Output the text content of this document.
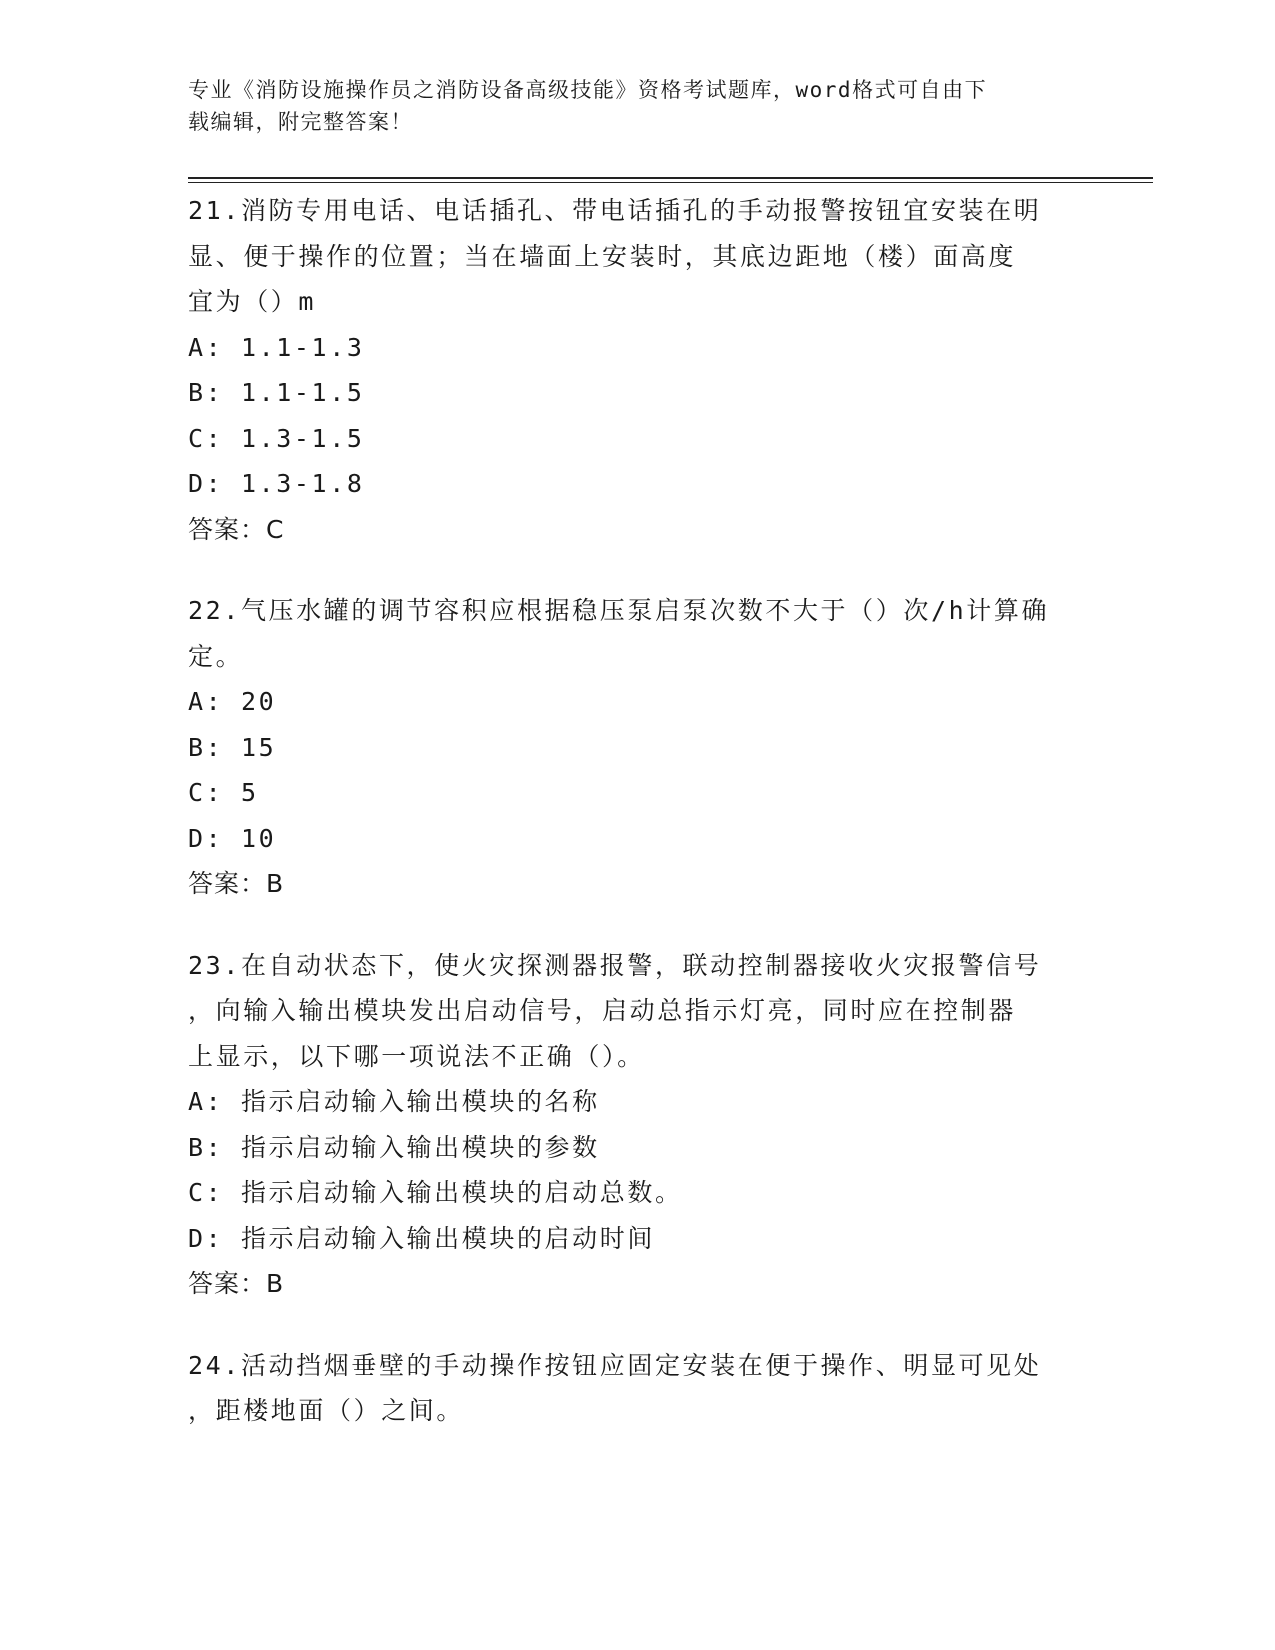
专业《消防设施操作员之消防设备高级技能》资格考试题库，word格式可自由下
载编辑，附完整答案！
21.消防专用电话、电话插孔、带电话插孔的手动报警按钮宜安装在明
显、便于操作的位置；当在墙面上安装时，其底边距地（楼）面高度
宜为（）m
A: 1.1-1.3
B: 1.1-1.5
C: 1.3-1.5
D: 1.3-1.8
答案：C
22.气压水罐的调节容积应根据稳压泵启泵次数不大于（）次/h计算确
定。
A: 20
B: 15
C: 5
D: 10
答案：B
23.在自动状态下，使火灾探测器报警，联动控制器接收火灾报警信号
，向输入输出模块发出启动信号，启动总指示灯亮，同时应在控制器
上显示，以下哪一项说法不正确（）。
A: 指示启动输入输出模块的名称
B: 指示启动输入输出模块的参数
C: 指示启动输入输出模块的启动总数。
D: 指示启动输入输出模块的启动时间
答案：B
24.活动挡烟垂壁的手动操作按钮应固定安装在便于操作、明显可见处
，距楼地面（）之间。
